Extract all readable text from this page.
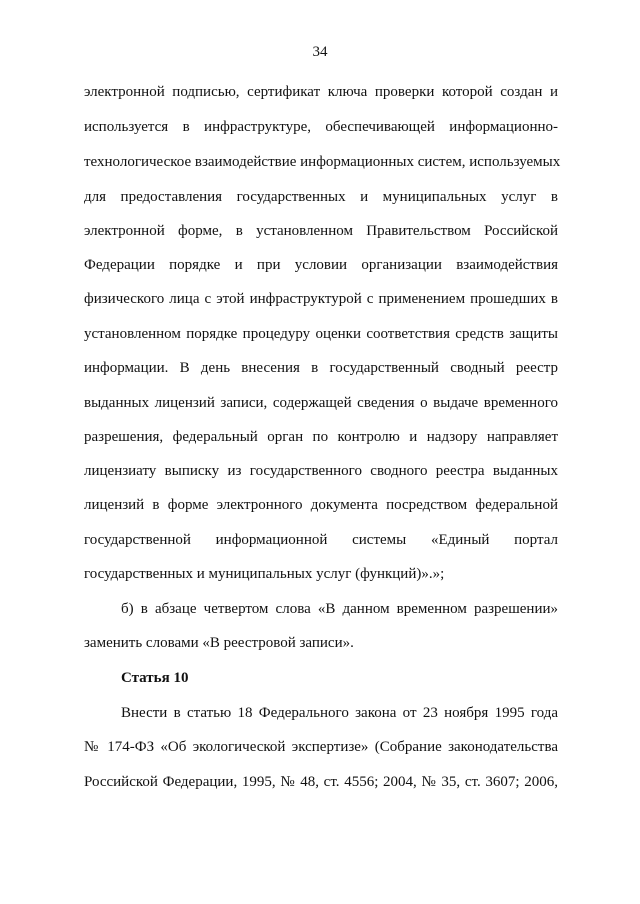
34
электронной подписью, сертификат ключа проверки которой создан и
используется в инфраструктуре, обеспечивающей информационно-
технологическое взаимодействие информационных систем, используемых
для предоставления государственных и муниципальных услуг в
электронной форме, в установленном Правительством Российской
Федерации порядке и при условии организации взаимодействия
физического лица с этой инфраструктурой с применением прошедших в
установленном порядке процедуру оценки соответствия средств защиты
информации. В день внесения в государственный сводный реестр
выданных лицензий записи, содержащей сведения о выдаче временного
разрешения, федеральный орган по контролю и надзору направляет
лицензиату выписку из государственного сводного реестра выданных
лицензий в форме электронного документа посредством федеральной
государственной информационной системы «Единый портал
государственных и муниципальных услуг (функций)».»;
б) в абзаце четвертом слова «В данном временном разрешении»
заменить словами «В реестровой записи».
Статья 10
Внести в статью 18 Федерального закона от 23 ноября 1995 года
№ 174-ФЗ «Об экологической экспертизе» (Собрание законодательства
Российской Федерации, 1995, № 48, ст. 4556; 2004, № 35, ст. 3607; 2006,
